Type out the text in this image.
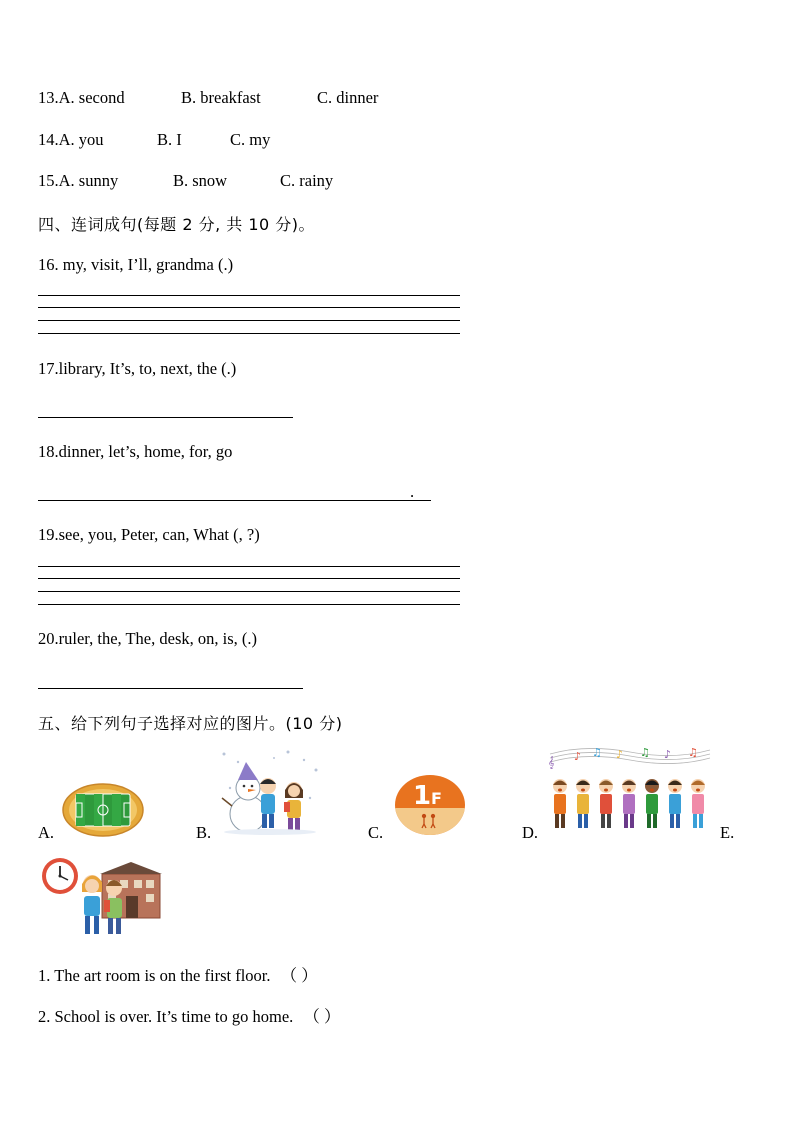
13.A. second	B. breakfast	C. dinner
14.A. you	B. I	C. my
15.A. sunny	B. snow	C. rainy
四、连词成句(每题 2 分, 共 10 分)。
16. my, visit, I’ll, grandma (.)
17.library, It’s, to, next, the (.)
18.dinner, let’s, home, for, go
.
19.see, you, Peter, can, What (, ?)
20.ruler, the, The, desk, on, is, (.)
五、给下列句子选择对应的图片。(10 分)
A.	B.	C.	D.	E.
1 F
𝄞 ♪ ♫ ♪ ♫ ♪ ♫
1. The art room is on the first floor. （ ）
2. School is over. It’s time to go home. （ ）
